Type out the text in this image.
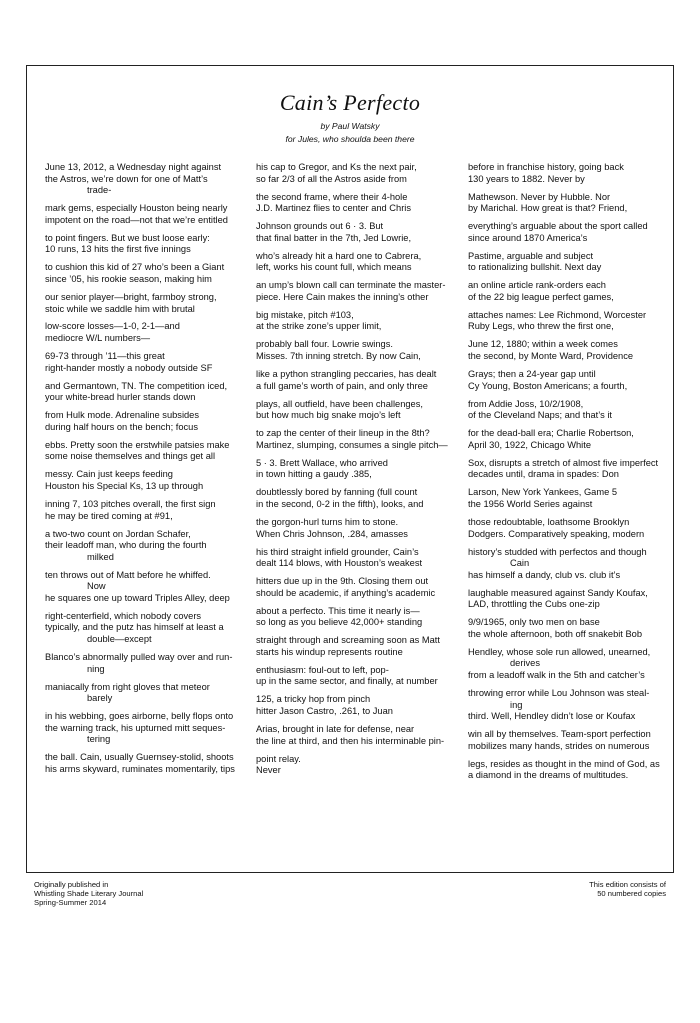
Cain’s Perfecto
by Paul Watsky
for Jules, who shoulda been there
June 13, 2012, a Wednesday night against
the Astros, we’re down for one of Matt’s
trade-
mark gems, especially Houston being nearly
impotent on the road—not that we’re entitled
to point fingers. But we bust loose early:
10 runs, 13 hits the first five innings
to cushion this kid of 27 who’s been a Giant
since ’05, his rookie season, making him
our senior player—bright, farmboy strong,
stoic while we saddle him with brutal
low-score losses—1-0, 2-1—and
mediocre W/L numbers—
69-73 through ’11—this great
right-hander mostly a nobody outside SF
and Germantown, TN. The competition iced,
your white-bread hurler stands down
from Hulk mode. Adrenaline subsides
during half hours on the bench; focus
ebbs. Pretty soon the erstwhile patsies make
some noise themselves and things get all
messy. Cain just keeps feeding
Houston his Special Ks, 13 up through
inning 7, 103 pitches overall, the first sign
he may be tired coming at #91,
a two-two count on Jordan Schafer,
their leadoff man, who during the fourth
milked
ten throws out of Matt before he whiffed.
Now
he squares one up toward Triples Alley, deep
right-centerfield, which nobody covers
typically, and the putz has himself at least a
double—except
Blanco’s abnormally pulled way over and run-
ning
maniacally from right gloves that meteor
barely
in his webbing, goes airborne, belly flops onto
the warning track, his upturned mitt seques-
tering
the ball. Cain, usually Guernsey-stolid, shoots
his arms skyward, ruminates momentarily, tips
his cap to Gregor, and Ks the next pair,
so far 2/3 of all the Astros aside from
the second frame, where their 4-hole
J.D. Martinez flies to center and Chris
Johnson grounds out 6 · 3. But
that final batter in the 7th, Jed Lowrie,
who’s already hit a hard one to Cabrera,
left, works his count full, which means
an ump’s blown call can terminate the master-
piece. Here Cain makes the inning’s other
big mistake, pitch #103,
at the strike zone’s upper limit,
probably ball four. Lowrie swings.
Misses. 7th inning stretch. By now Cain,
like a python strangling peccaries, has dealt
a full game’s worth of pain, and only three
plays, all outfield, have been challenges,
but how much big snake mojo’s left
to zap the center of their lineup in the 8th?
Martinez, slumping, consumes a single pitch—
5 · 3. Brett Wallace, who arrived
in town hitting a gaudy .385,
doubtlessly bored by fanning (full count
in the second, 0-2 in the fifth), looks, and
the gorgon-hurl turns him to stone.
When Chris Johnson, .284, amasses
his third straight infield grounder, Cain’s
dealt 114 blows, with Houston’s weakest
hitters due up in the 9th. Closing them out
should be academic, if anything’s academic
about a perfecto. This time it nearly is—
so long as you believe 42,000+ standing
straight through and screaming soon as Matt
starts his windup represents routine
enthusiasm: foul-out to left, pop-
up in the same sector, and finally, at number
125, a tricky hop from pinch
hitter Jason Castro, .261, to Juan
Arias, brought in late for defense, near
the line at third, and then his interminable pin-
point relay.
Never
before in franchise history, going back
130 years to 1882. Never by
Mathewson. Never by Hubble. Nor
by Marichal. How great is that? Friend,
everything’s arguable about the sport called
since around 1870 America’s
Pastime, arguable and subject
to rationalizing bullshit. Next day
an online article rank-orders each
of the 22 big league perfect games,
attaches names: Lee Richmond, Worcester
Ruby Legs, who threw the first one,
June 12, 1880; within a week comes
the second, by Monte Ward, Providence
Grays; then a 24-year gap until
Cy Young, Boston Americans; a fourth,
from Addie Joss, 10/2/1908,
of the Cleveland Naps; and that’s it
for the dead-ball era; Charlie Robertson,
April 30, 1922, Chicago White
Sox, disrupts a stretch of almost five imperfect
decades until, drama in spades: Don
Larson, New York Yankees, Game 5
the 1956 World Series against
those redoubtable, loathsome Brooklyn
Dodgers. Comparatively speaking, modern
history’s studded with perfectos and though
Cain
has himself a dandy, club vs. club it’s
laughable measured against Sandy Koufax,
LAD, throttling the Cubs one-zip
9/9/1965, only two men on base
the whole afternoon, both off snakebit Bob
Hendley, whose sole run allowed, unearned,
derives
from a leadoff walk in the 5th and catcher’s
throwing error while Lou Johnson was steal-
ing
third. Well, Hendley didn’t lose or Koufax
win all by themselves. Team-sport perfection
mobilizes many hands, strides on numerous
legs, resides as thought in the mind of God, as
a diamond in the dreams of multitudes.
Originally published in
Whistling Shade Literary Journal
Spring-Summer 2014
This edition consists of
50 numbered copies
